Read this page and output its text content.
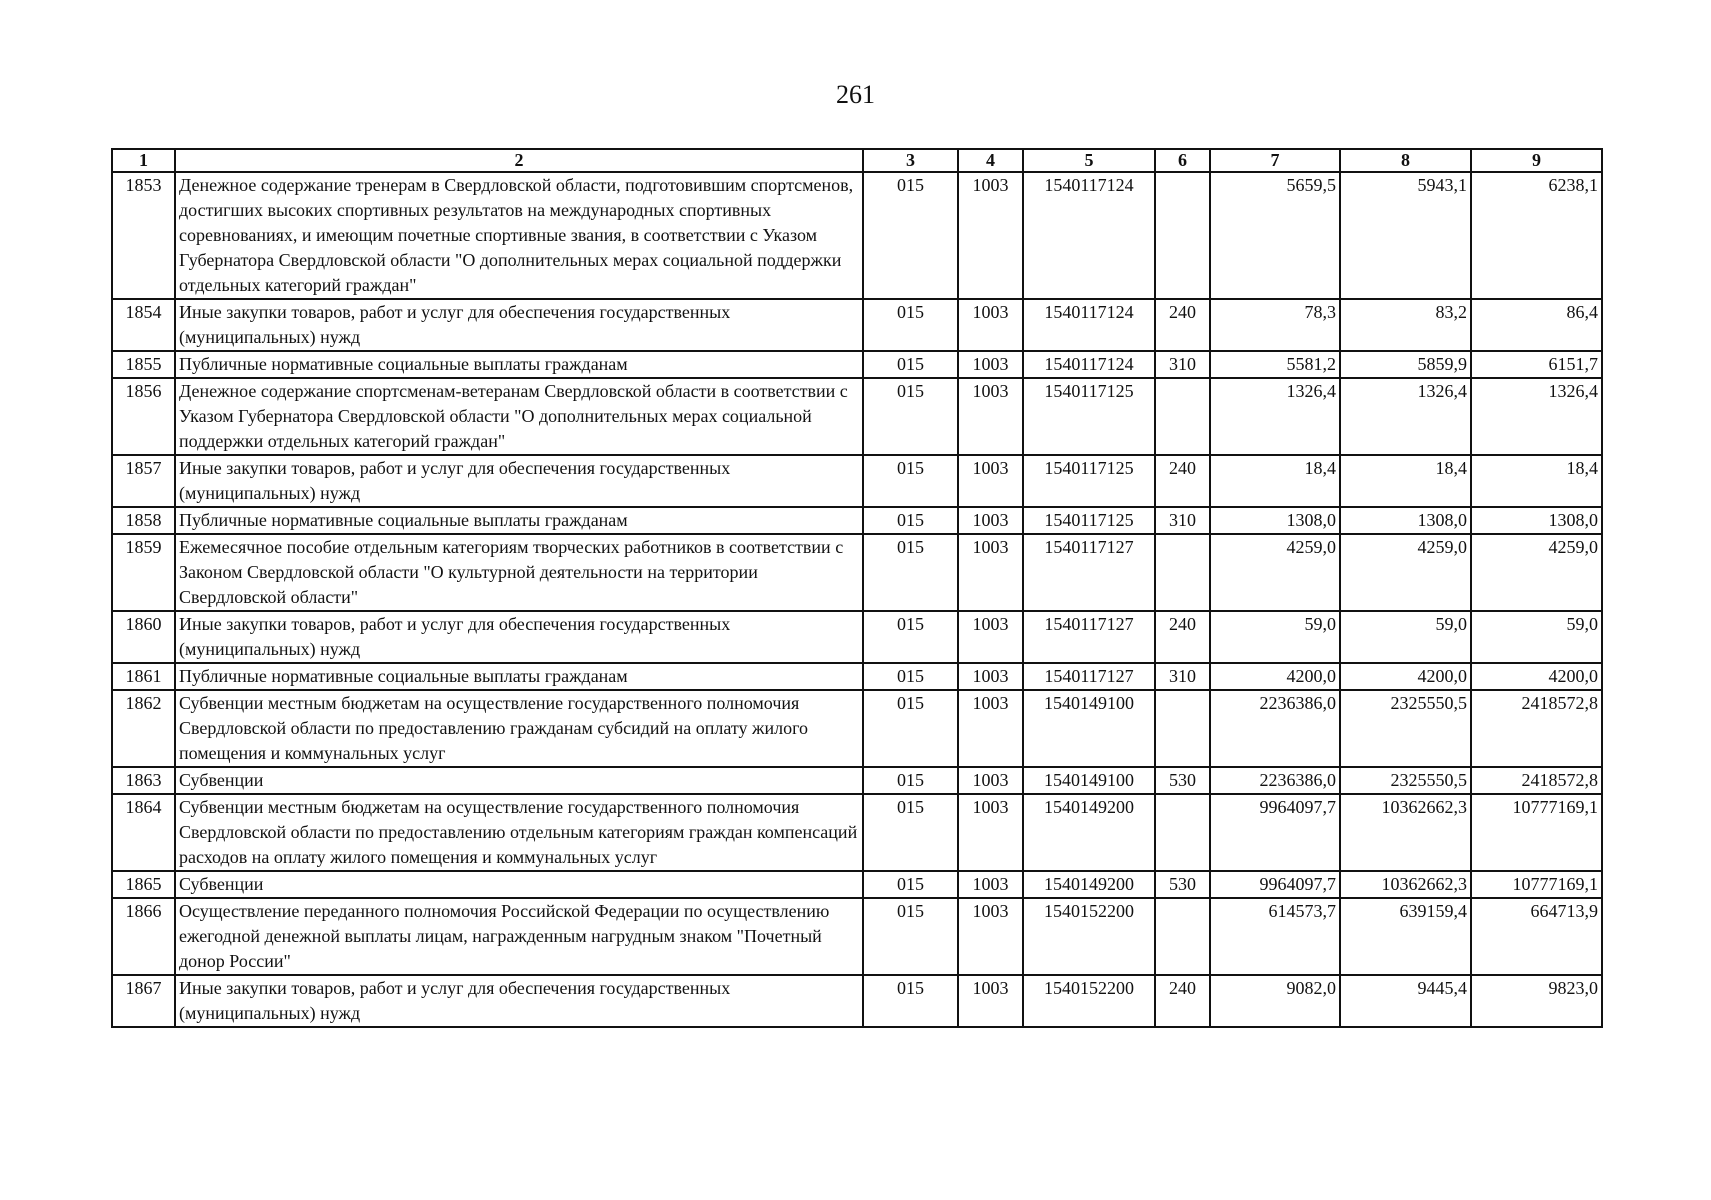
261
1	2	3	4	5	6	7	8	9
1853	Денежное содержание тренерам в Свердловской области, подготовившим спортсменов, достигших высоких спортивных результатов на международных спортивных соревнованиях, и имеющим почетные спортивные звания, в соответствии с Указом Губернатора Свердловской области "О дополнительных мерах социальной поддержки отдельных категорий граждан"	015	1003	1540117124		5659,5	5943,1	6238,1
1854	Иные закупки товаров, работ и услуг для обеспечения государственных (муниципальных) нужд	015	1003	1540117124	240	78,3	83,2	86,4
1855	Публичные нормативные социальные выплаты гражданам	015	1003	1540117124	310	5581,2	5859,9	6151,7
1856	Денежное содержание спортсменам-ветеранам Свердловской области в соответствии с Указом Губернатора Свердловской области "О дополнительных мерах социальной поддержки отдельных категорий граждан"	015	1003	1540117125		1326,4	1326,4	1326,4
1857	Иные закупки товаров, работ и услуг для обеспечения государственных (муниципальных) нужд	015	1003	1540117125	240	18,4	18,4	18,4
1858	Публичные нормативные социальные выплаты гражданам	015	1003	1540117125	310	1308,0	1308,0	1308,0
1859	Ежемесячное пособие отдельным категориям творческих работников в соответствии с Законом Свердловской области "О культурной деятельности на территории Свердловской области"	015	1003	1540117127		4259,0	4259,0	4259,0
1860	Иные закупки товаров, работ и услуг для обеспечения государственных (муниципальных) нужд	015	1003	1540117127	240	59,0	59,0	59,0
1861	Публичные нормативные социальные выплаты гражданам	015	1003	1540117127	310	4200,0	4200,0	4200,0
1862	Субвенции местным бюджетам на осуществление государственного полномочия Свердловской области по предоставлению гражданам субсидий на оплату жилого помещения и коммунальных услуг	015	1003	1540149100		2236386,0	2325550,5	2418572,8
1863	Субвенции	015	1003	1540149100	530	2236386,0	2325550,5	2418572,8
1864	Субвенции местным бюджетам на осуществление государственного полномочия Свердловской области по предоставлению отдельным категориям граждан компенсаций расходов на оплату жилого помещения и коммунальных услуг	015	1003	1540149200		9964097,7	10362662,3	10777169,1
1865	Субвенции	015	1003	1540149200	530	9964097,7	10362662,3	10777169,1
1866	Осуществление переданного полномочия Российской Федерации по осуществлению ежегодной денежной выплаты лицам, награжденным нагрудным знаком "Почетный донор России"	015	1003	1540152200		614573,7	639159,4	664713,9
1867	Иные закупки товаров, работ и услуг для обеспечения государственных (муниципальных) нужд	015	1003	1540152200	240	9082,0	9445,4	9823,0
